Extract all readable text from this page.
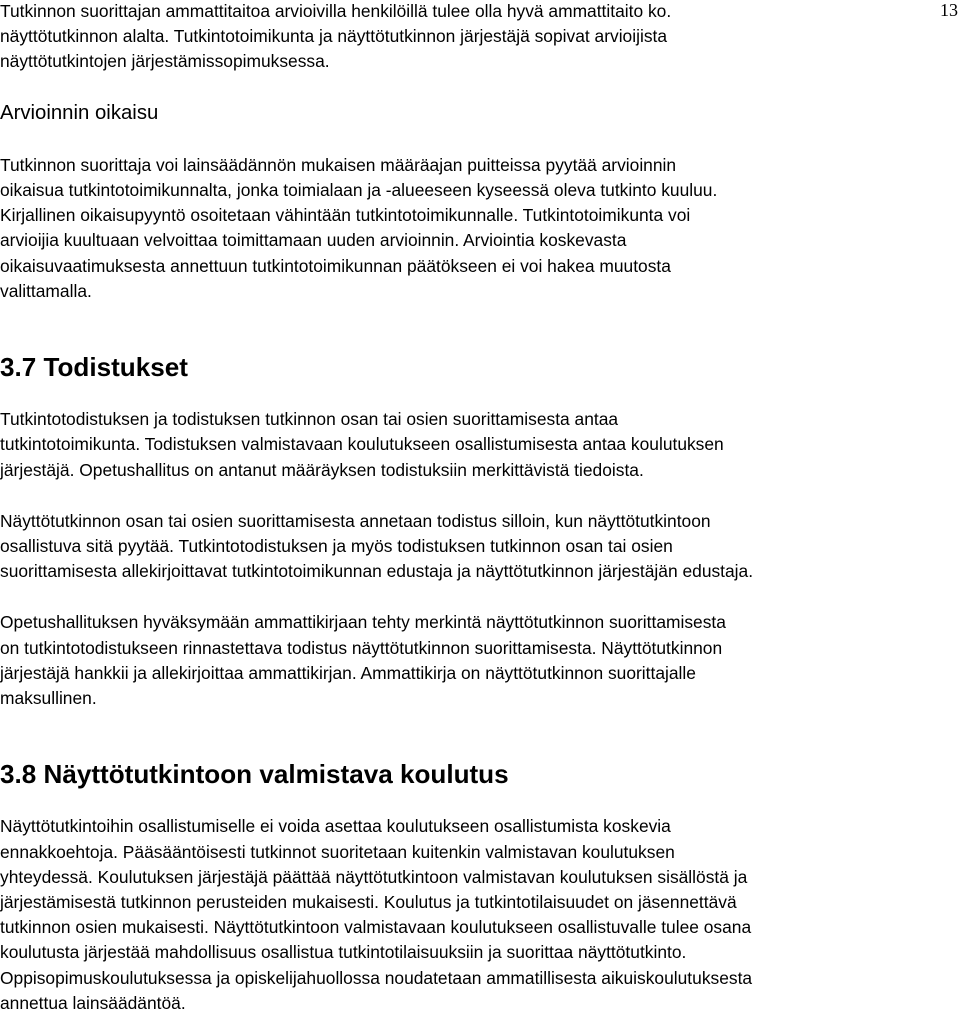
13

Tutkinnon suorittajan ammattitaitoa arvioivilla henkilöillä tulee olla hyvä ammattitaito ko.
näyttötutkinnon alalta. Tutkintotoimikunta ja näyttötutkinnon järjestäjä sopivat arvioijista
näyttötutkintojen järjestämissopimuksessa.

Arvioinnin oikaisu

Tutkinnon suorittaja voi lainsäädännön mukaisen määräajan puitteissa pyytää arvioinnin
oikaisua tutkintotoimikunnalta, jonka toimialaan ja -alueeseen kyseessä oleva tutkinto kuuluu.
Kirjallinen oikaisupyyntö osoitetaan vähintään tutkintotoimikunnalle. Tutkintotoimikunta voi
arvioijia kuultuaan velvoittaa toimittamaan uuden arvioinnin. Arviointia koskevasta
oikaisuvaatimuksesta annettuun tutkintotoimikunnan päätökseen ei voi hakea muutosta
valittamalla.

3.7 Todistukset

Tutkintotodistuksen ja todistuksen tutkinnon osan tai osien suorittamisesta antaa
tutkintotoimikunta. Todistuksen valmistavaan koulutukseen osallistumisesta antaa koulutuksen
järjestäjä. Opetushallitus on antanut määräyksen todistuksiin merkittävistä tiedoista.

Näyttötutkinnon osan tai osien suorittamisesta annetaan todistus silloin, kun näyttötutkintoon
osallistuva sitä pyytää. Tutkintotodistuksen ja myös todistuksen tutkinnon osan tai osien
suorittamisesta allekirjoittavat tutkintotoimikunnan edustaja ja näyttötutkinnon järjestäjän edustaja.

Opetushallituksen hyväksymään ammattikirjaan tehty merkintä näyttötutkinnon suorittamisesta
on tutkintotodistukseen rinnastettava todistus näyttötutkinnon suorittamisesta. Näyttötutkinnon
järjestäjä hankkii ja allekirjoittaa ammattikirjan. Ammattikirja on näyttötutkinnon suorittajalle
maksullinen.

3.8 Näyttötutkintoon valmistava koulutus

Näyttötutkintoihin osallistumiselle ei voida asettaa koulutukseen osallistumista koskevia
ennakkoehtoja. Pääsääntöisesti tutkinnot suoritetaan kuitenkin valmistavan koulutuksen
yhteydessä. Koulutuksen järjestäjä päättää näyttötutkintoon valmistavan koulutuksen sisällöstä ja
järjestämisestä tutkinnon perusteiden mukaisesti. Koulutus ja tutkintotilaisuudet on jäsennettävä
tutkinnon osien mukaisesti. Näyttötutkintoon valmistavaan koulutukseen osallistuvalle tulee osana
koulutusta järjestää mahdollisuus osallistua tutkintotilaisuuksiin ja suorittaa näyttötutkinto.
Oppisopimuskoulutuksessa ja opiskelijahuollossa noudatetaan ammatillisesta aikuiskoulutuksesta
annettua lainsäädäntöä.
